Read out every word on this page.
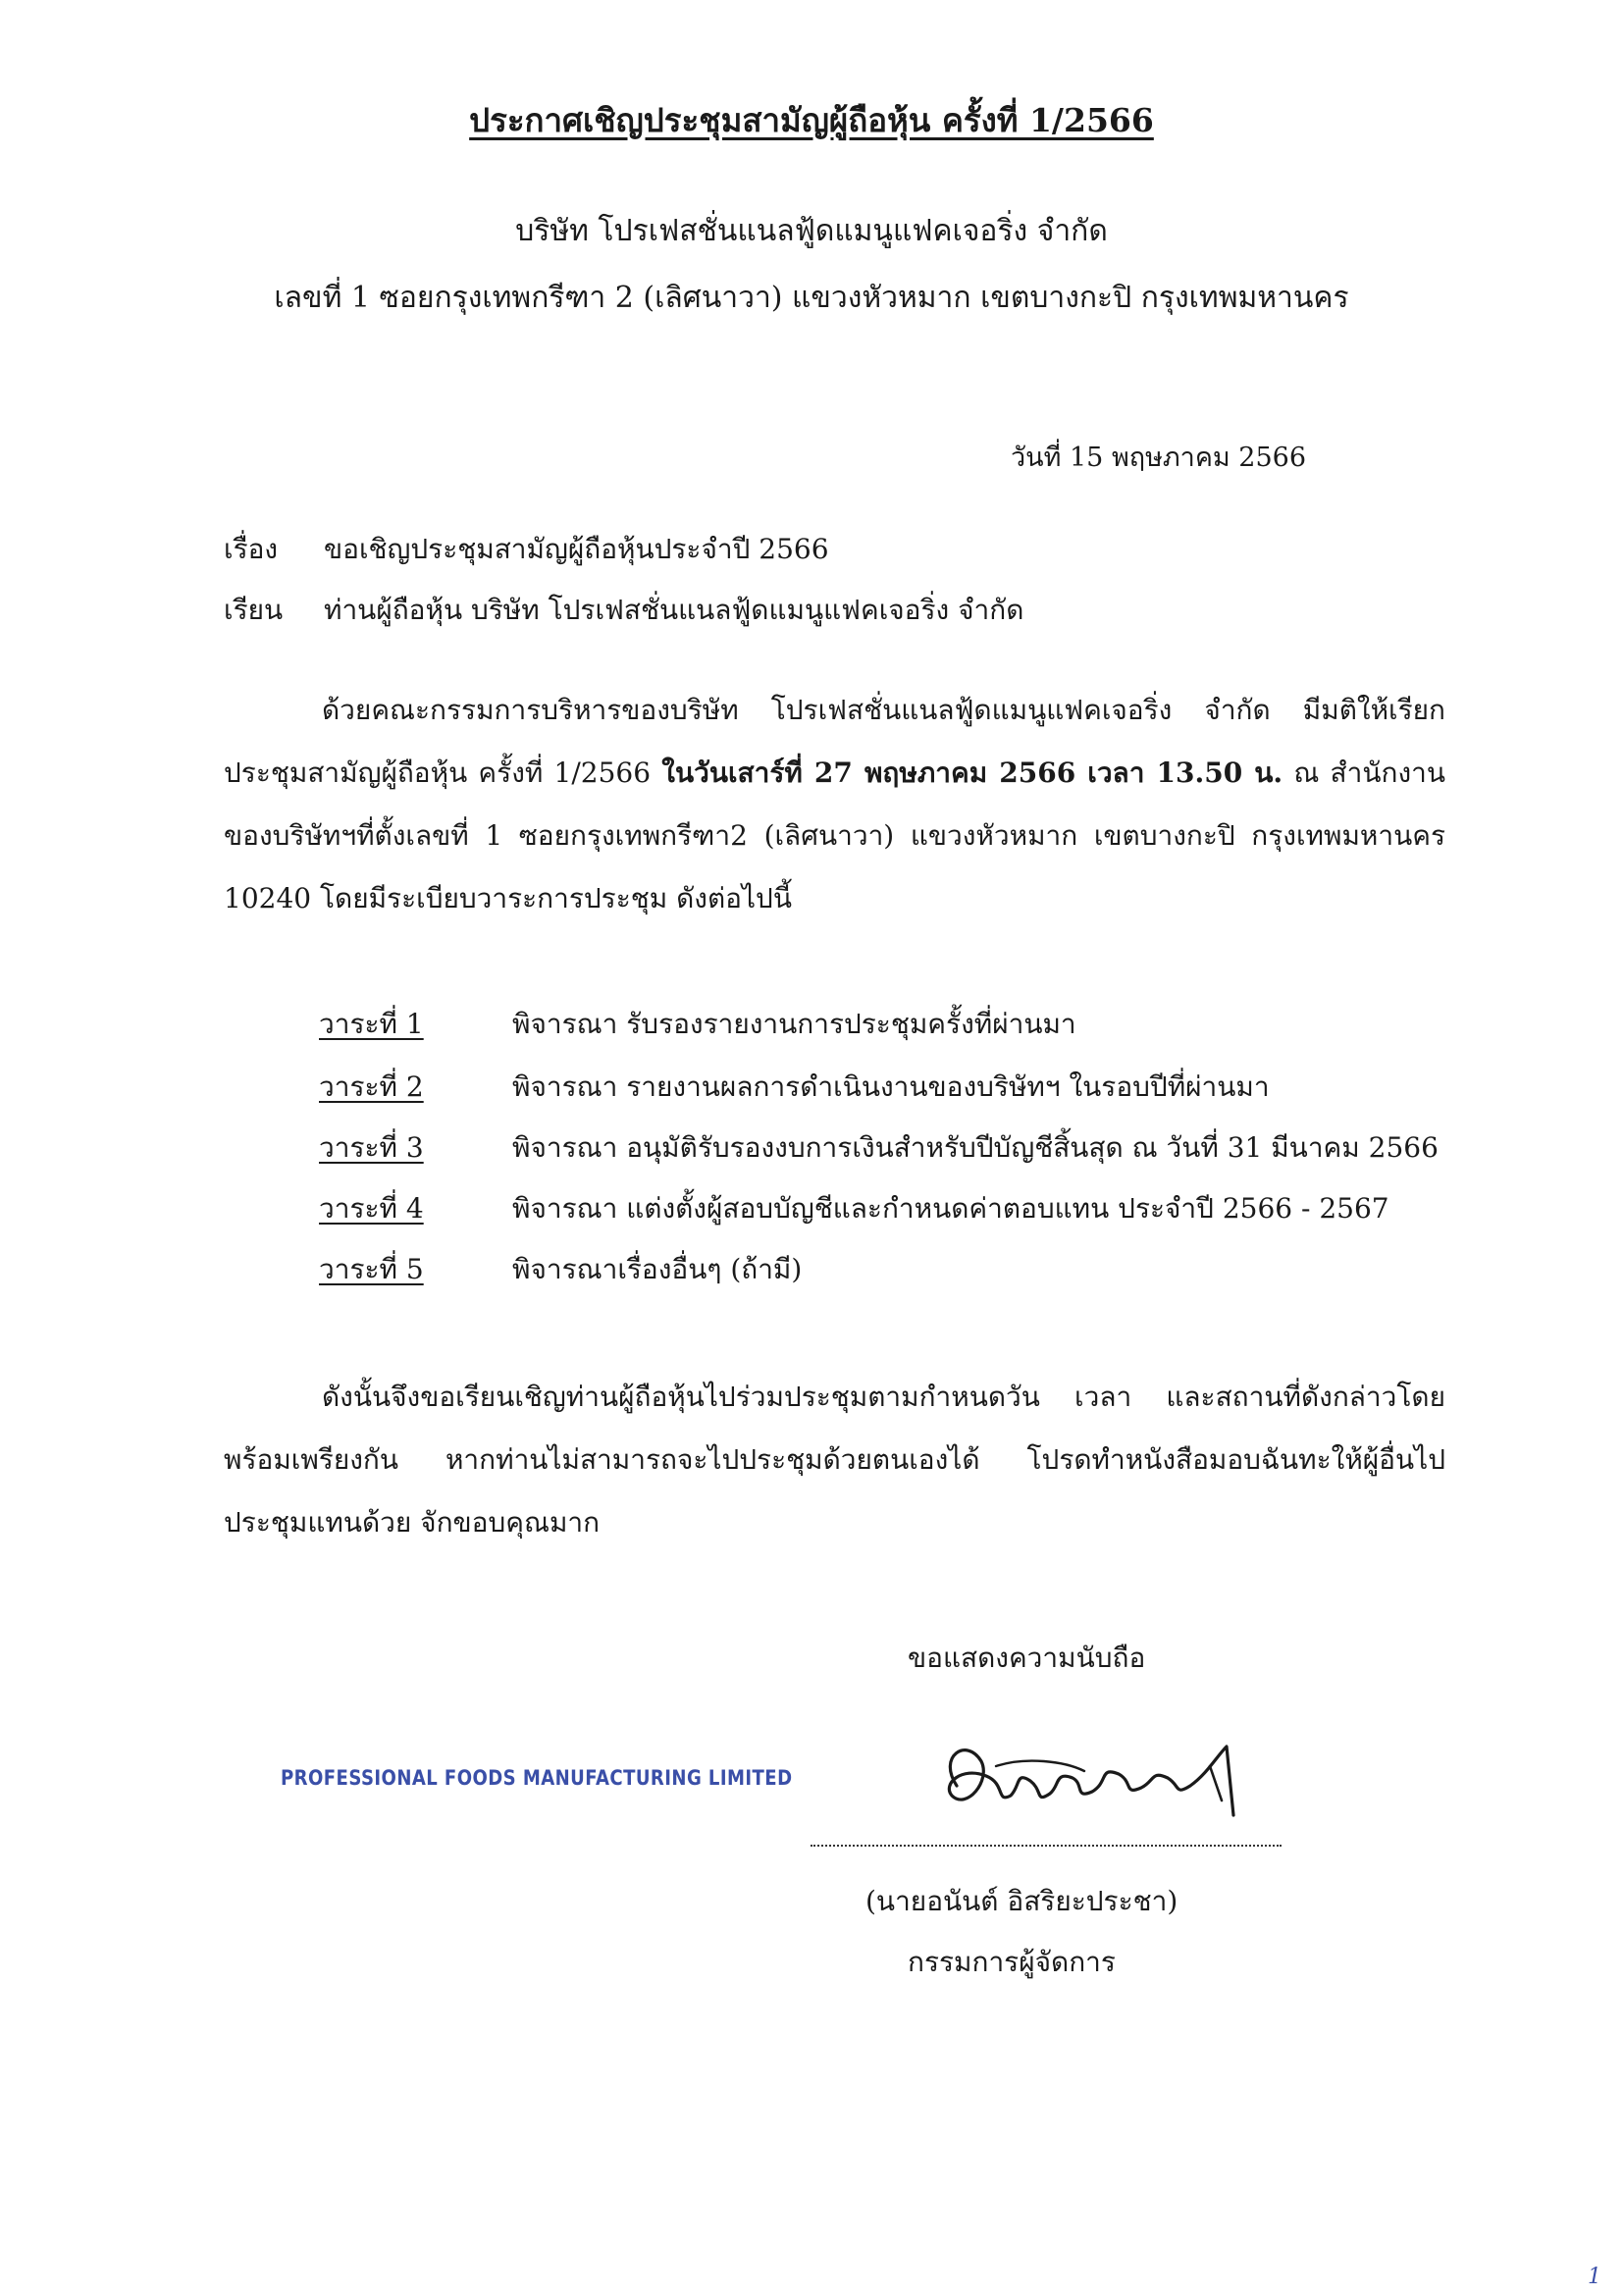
ประกาศเชิญประชุมสามัญผู้ถือหุ้น ครั้งที่ 1/2566
บริษัท โปรเฟสชั่นแนลฟู้ดแมนูแฟคเจอริ่ง จำกัด
เลขที่ 1 ซอยกรุงเทพกรีฑา 2 (เลิศนาวา) แขวงหัวหมาก เขตบางกะปิ กรุงเทพมหานคร
วันที่ 15 พฤษภาคม 2566
เรื่อง ขอเชิญประชุมสามัญผู้ถือหุ้นประจำปี 2566
เรียน ท่านผู้ถือหุ้น บริษัท โปรเฟสชั่นแนลฟู้ดแมนูแฟคเจอริ่ง จำกัด
ด้วยคณะกรรมการบริหารของบริษัท โปรเฟสชั่นแนลฟู้ดแมนูแฟคเจอริ่ง จำกัด มีมติให้เรียกประชุมสามัญผู้ถือหุ้น ครั้งที่ 1/2566 ในวันเสาร์ที่ 27 พฤษภาคม 2566 เวลา 13.50 น. ณ สำนักงานของบริษัทฯที่ตั้งเลขที่ 1 ซอยกรุงเทพกรีฑา2 (เลิศนาวา) แขวงหัวหมาก เขตบางกะปิ กรุงเทพมหานคร 10240 โดยมีระเบียบวาระการประชุม ดังต่อไปนี้
วาระที่ 1	พิจารณา รับรองรายงานการประชุมครั้งที่ผ่านมา
วาระที่ 2	พิจารณา รายงานผลการดำเนินงานของบริษัทฯ ในรอบปีที่ผ่านมา
วาระที่ 3	พิจารณา อนุมัติรับรองงบการเงินสำหรับปีบัญชีสิ้นสุด ณ วันที่ 31 มีนาคม 2566
วาระที่ 4	พิจารณา แต่งตั้งผู้สอบบัญชีและกำหนดค่าตอบแทน ประจำปี 2566 - 2567
วาระที่ 5	พิจารณาเรื่องอื่นๆ (ถ้ามี)
ดังนั้นจึงขอเรียนเชิญท่านผู้ถือหุ้นไปร่วมประชุมตามกำหนดวัน เวลา และสถานที่ดังกล่าวโดยพร้อมเพรียงกัน หากท่านไม่สามารถจะไปประชุมด้วยตนเองได้ โปรดทำหนังสือมอบฉันทะให้ผู้อื่นไปประชุมแทนด้วย จักขอบคุณมาก
ขอแสดงความนับถือ
PROFESSIONAL FOODS MANUFACTURING LIMITED
(นายอนันต์ อิสริยะประชา)
กรรมการผู้จัดการ
1
